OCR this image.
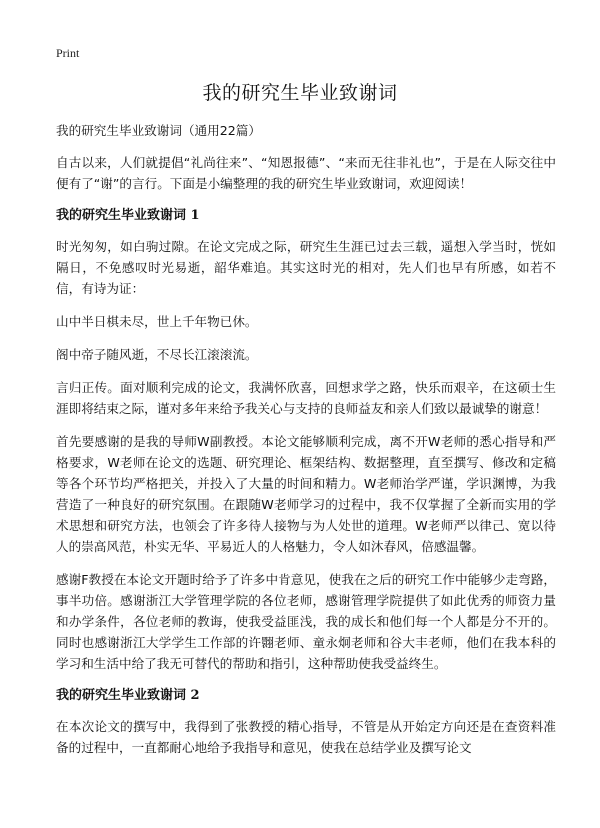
Print
我的研究生毕业致谢词

我的研究生毕业致谢词（通用22篇）

自古以来，人们就提倡“礼尚往来”、“知恩报德”、“来而无往非礼也”，于是在人际交往中便有了“谢”的言行。下面是小编整理的我的研究生毕业致谢词，欢迎阅读！

我的研究生毕业致谢词 1

时光匆匆，如白驹过隙。在论文完成之际，研究生生涯已过去三载，遥想入学当时，恍如隔日，不免感叹时光易逝，韶华难追。其实这时光的相对，先人们也早有所感，如若不信，有诗为证：

山中半日棋未尽，世上千年物已休。

阁中帝子随风逝，不尽长江滚滚流。

言归正传。面对顺利完成的论文，我满怀欣喜，回想求学之路，快乐而艰辛，在这硕士生涯即将结束之际，谨对多年来给予我关心与支持的良师益友和亲人们致以最诚挚的谢意！

首先要感谢的是我的导师W副教授。本论文能够顺利完成，离不开W老师的悉心指导和严格要求，W老师在论文的选题、研究理论、框架结构、数据整理，直至撰写、修改和定稿等各个环节均严格把关，并投入了大量的时间和精力。W老师治学严谨，学识渊博，为我营造了一种良好的研究氛围。在跟随W老师学习的过程中，我不仅掌握了全新而实用的学术思想和研究方法，也领会了许多待人接物与为人处世的道理。W老师严以律己、宽以待人的崇高风范，朴实无华、平易近人的人格魅力，令人如沐春风，倍感温馨。

感谢F教授在本论文开题时给予了许多中肯意见，使我在之后的研究工作中能够少走弯路，事半功倍。感谢浙江大学管理学院的各位老师，感谢管理学院提供了如此优秀的师资力量和办学条件，各位老师的教诲，使我受益匪浅，我的成长和他们每一个人都是分不开的。同时也感谢浙江大学学生工作部的许翾老师、童永炯老师和谷大丰老师，他们在我本科的学习和生活中给了我无可替代的帮助和指引，这种帮助使我受益终生。

我的研究生毕业致谢词 2

在本次论文的撰写中，我得到了张教授的精心指导，不管是从开始定方向还是在查资料准备的过程中，一直都耐心地给予我指导和意见，使我在总结学业及撰写论文
